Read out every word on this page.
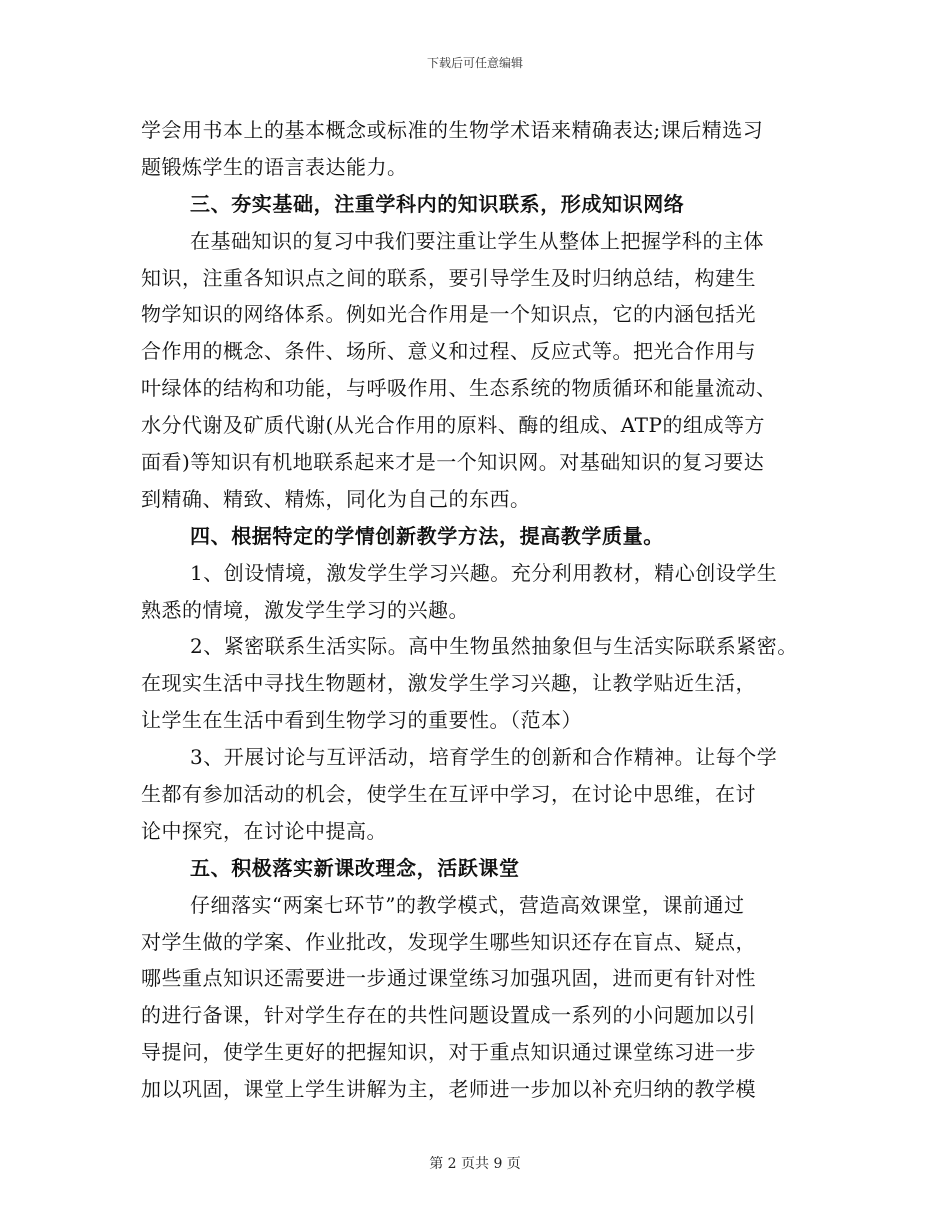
下载后可任意编辑
学会用书本上的基本概念或标准的生物学术语来精确表达;课后精选习
题锻炼学生的语言表达能力。
三、夯实基础，注重学科内的知识联系，形成知识网络
在基础知识的复习中我们要注重让学生从整体上把握学科的主体
知识，注重各知识点之间的联系，要引导学生及时归纳总结，构建生
物学知识的网络体系。例如光合作用是一个知识点，它的内涵包括光
合作用的概念、条件、场所、意义和过程、反应式等。把光合作用与
叶绿体的结构和功能，与呼吸作用、生态系统的物质循环和能量流动、
水分代谢及矿质代谢(从光合作用的原料、酶的组成、ATP的组成等方
面看)等知识有机地联系起来才是一个知识网。对基础知识的复习要达
到精确、精致、精炼，同化为自己的东西。
四、根据特定的学情创新教学方法，提高教学质量。
1、创设情境，激发学生学习兴趣。充分利用教材，精心创设学生
熟悉的情境，激发学生学习的兴趣。
2、紧密联系生活实际。高中生物虽然抽象但与生活实际联系紧密。
在现实生活中寻找生物题材，激发学生学习兴趣，让教学贴近生活，
让学生在生活中看到生物学习的重要性。（范本）
3、开展讨论与互评活动，培育学生的创新和合作精神。让每个学
生都有参加活动的机会，使学生在互评中学习，在讨论中思维，在讨
论中探究，在讨论中提高。
五、积极落实新课改理念，活跃课堂
仔细落实“两案七环节”的教学模式，营造高效课堂，课前通过
对学生做的学案、作业批改，发现学生哪些知识还存在盲点、疑点，
哪些重点知识还需要进一步通过课堂练习加强巩固，进而更有针对性
的进行备课，针对学生存在的共性问题设置成一系列的小问题加以引
导提问，使学生更好的把握知识，对于重点知识通过课堂练习进一步
加以巩固，课堂上学生讲解为主，老师进一步加以补充归纳的教学模
第 2 页共 9 页
